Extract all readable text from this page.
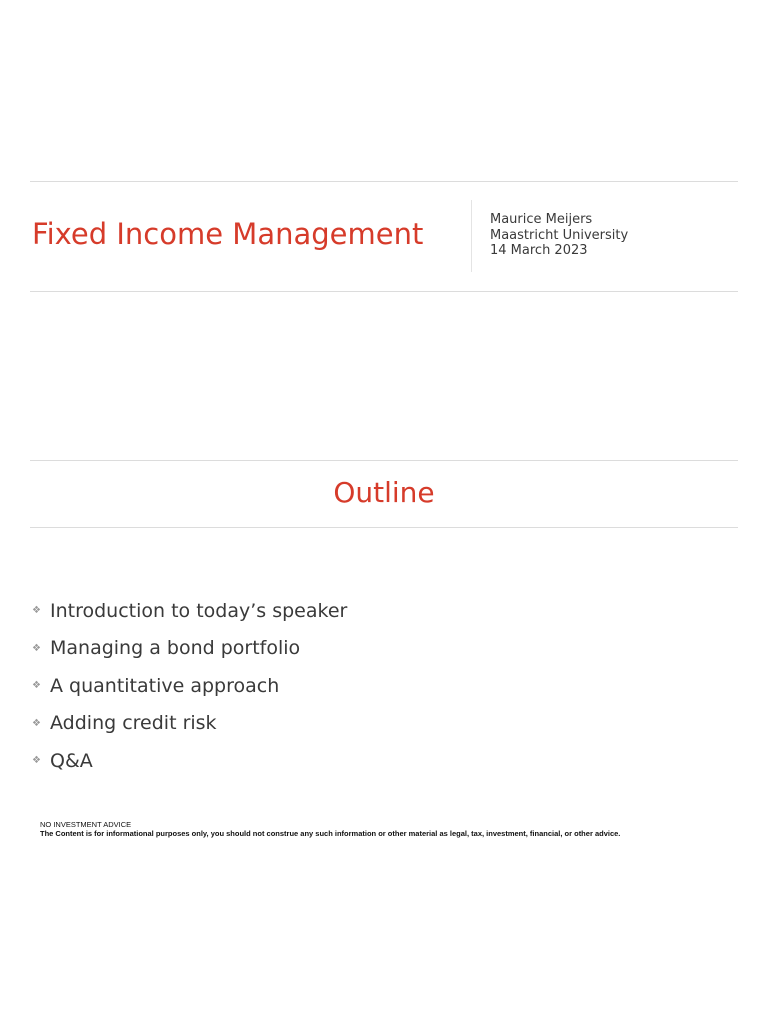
Fixed Income Management	Maurice Meijers
Maastricht University
14 March 2023
Outline
❖ Introduction to today’s speaker
❖ Managing a bond portfolio
❖ A quantitative approach
❖ Adding credit risk
❖ Q&A
NO INVESTMENT ADVICE
The Content is for informational purposes only, you should not construe any such information or other material as legal, tax, investment, financial, or other advice.
